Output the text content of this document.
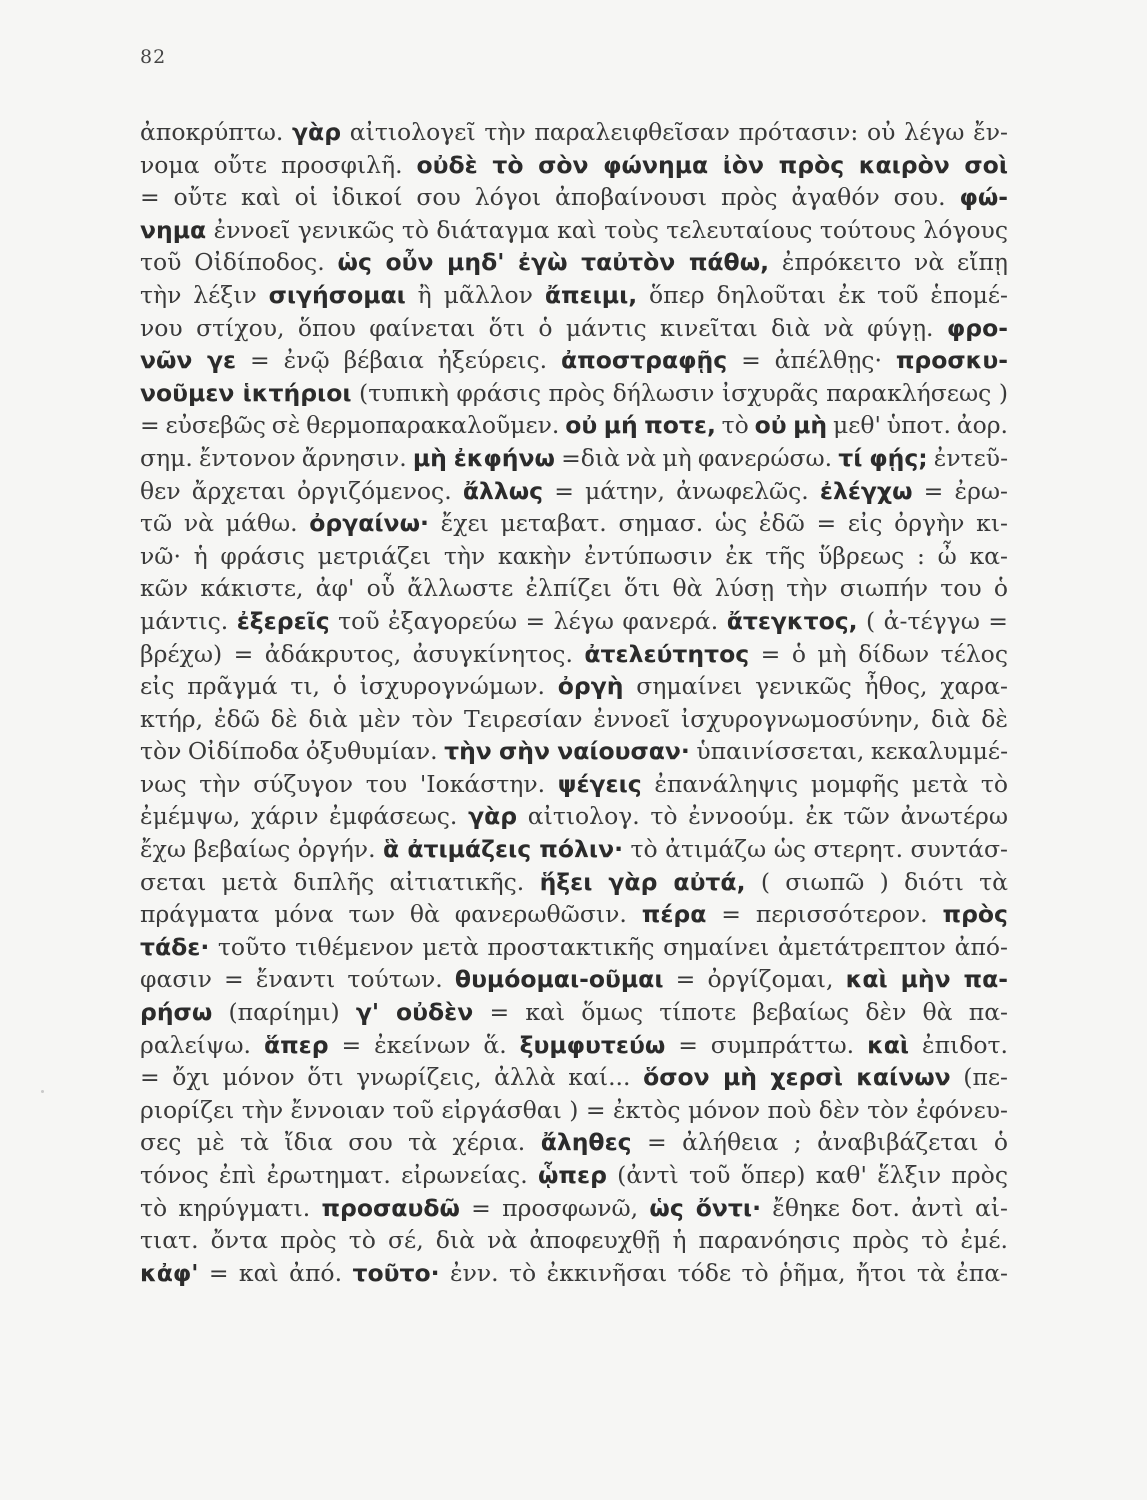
82
ἀποκρύπτω. γὰρ αἰτιολογεῖ τὴν παραλειφθεῖσαν πρότασιν: οὐ λέγω ἔν-
νομα οὔτε προσφιλῆ. οὐδὲ τὸ σὸν φώνημα ἰὸν πρὸς καιρὸν σοὶ
= οὔτε καὶ οἱ ἰδικοί σου λόγοι ἀποβαίνουσι πρὸς ἀγαθόν σου. φώ-
νημα ἐννοεῖ γενικῶς τὸ διάταγμα καὶ τοὺς τελευταίους τούτους λόγους
τοῦ Οἰδίποδος. ὡς οὖν μηδ' ἐγὼ ταὐτὸν πάθω, ἐπρόκειτο νὰ εἴπῃ
τὴν λέξιν σιγήσομαι ἢ μᾶλλον ἄπειμι, ὅπερ δηλοῦται ἐκ τοῦ ἑπομέ-
νου στίχου, ὅπου φαίνεται ὅτι ὁ μάντις κινεῖται διὰ νὰ φύγῃ. φρο-
νῶν γε = ἐνῷ βέβαια ἠξεύρεις. ἀποστραφῇς = ἀπέλθῃς· προσκυ-
νοῦμεν ἱκτήριοι (τυπικὴ φράσις πρὸς δήλωσιν ἰσχυρᾶς παρακλήσεως )
= εὐσεβῶς σὲ θερμοπαρακαλοῦμεν. οὐ μή ποτε, τὸ οὐ μὴ μεθ' ὑποτ. ἀορ.
σημ. ἔντονον ἄρνησιν. μὴ ἐκφήνω =διὰ νὰ μὴ φανερώσω. τί φῄς; ἐντεῦ-
θεν ἄρχεται ὀργιζόμενος. ἄλλως = μάτην, ἀνωφελῶς. ἐλέγχω = ἐρω-
τῶ νὰ μάθω. ὀργαίνω· ἔχει μεταβατ. σημασ. ὡς ἐδῶ = εἰς ὀργὴν κι-
νῶ· ἡ φράσις μετριάζει τὴν κακὴν ἐντύπωσιν ἐκ τῆς ὕβρεως : ὦ κα-
κῶν κάκιστε, ἀφ' οὗ ἄλλωστε ἐλπίζει ὅτι θὰ λύσῃ τὴν σιωπήν του ὁ
μάντις. ἐξερεῖς τοῦ ἐξαγορεύω = λέγω φανερά. ἄτεγκτος, ( ἀ-τέγγω =
βρέχω) = ἀδάκρυτος, ἀσυγκίνητος. ἀτελεύτητος = ὁ μὴ δίδων τέλος
εἰς πρᾶγμά τι, ὁ ἰσχυρογνώμων. ὀργὴ σημαίνει γενικῶς ἦθος, χαρα-
κτήρ, ἐδῶ δὲ διὰ μὲν τὸν Τειρεσίαν ἐννοεῖ ἰσχυρογνωμοσύνην, διὰ δὲ
τὸν Οἰδίποδα ὀξυθυμίαν. τὴν σὴν ναίουσαν· ὑπαινίσσεται, κεκαλυμμέ-
νως τὴν σύζυγον του 'Ιοκάστην. ψέγεις ἐπανάληψις μομφῆς μετὰ τὸ
ἐμέμψω, χάριν ἐμφάσεως. γὰρ αἰτιολογ. τὸ ἐννοούμ. ἐκ τῶν ἀνωτέρω
ἔχω βεβαίως ὀργήν. ἃ ἀτιμάζεις πόλιν· τὸ ἀτιμάζω ὡς στερητ. συντάσ-
σεται μετὰ διπλῆς αἰτιατικῆς. ἥξει γὰρ αὐτά, ( σιωπῶ ) διότι τὰ
πράγματα μόνα των θὰ φανερωθῶσιν. πέρα = περισσότερον. πρὸς
τάδε· τοῦτο τιθέμενον μετὰ προστακτικῆς σημαίνει ἀμετάτρεπτον ἀπό-
φασιν = ἔναντι τούτων. θυμόομαι-οῦμαι = ὀργίζομαι, καὶ μὴν πα-
ρήσω (παρίημι) γ' οὐδὲν = καὶ ὅμως τίποτε βεβαίως δὲν θὰ πα-
ραλείψω. ἅπερ = ἐκείνων ἅ. ξυμφυτεύω = συμπράττω. καὶ ἐπιδοτ.
= ὄχι μόνον ὅτι γνωρίζεις, ἀλλὰ καί... ὅσον μὴ χερσὶ καίνων (πε-
ριορίζει τὴν ἔννοιαν τοῦ εἰργάσθαι ) = ἐκτὸς μόνον ποὺ δὲν τὸν ἐφόνευ-
σες μὲ τὰ ἴδια σου τὰ χέρια. ἄληθες = ἀλήθεια ; ἀναβιβάζεται ὁ
τόνος ἐπὶ ἐρωτηματ. εἰρωνείας. ᾧπερ (ἀντὶ τοῦ ὅπερ) καθ' ἕλξιν πρὸς
τὸ κηρύγματι. προσαυδῶ = προσφωνῶ, ὡς ὄντι· ἔθηκε δοτ. ἀντὶ αἰ-
τιατ. ὄντα πρὸς τὸ σέ, διὰ νὰ ἀποφευχθῇ ἡ παρανόησις πρὸς τὸ ἐμέ.
κἀφ' = καὶ ἀπό. τοῦτο· ἐνν. τὸ ἐκκινῆσαι τόδε τὸ ῥῆμα, ἤτοι τὰ ἐπα-
